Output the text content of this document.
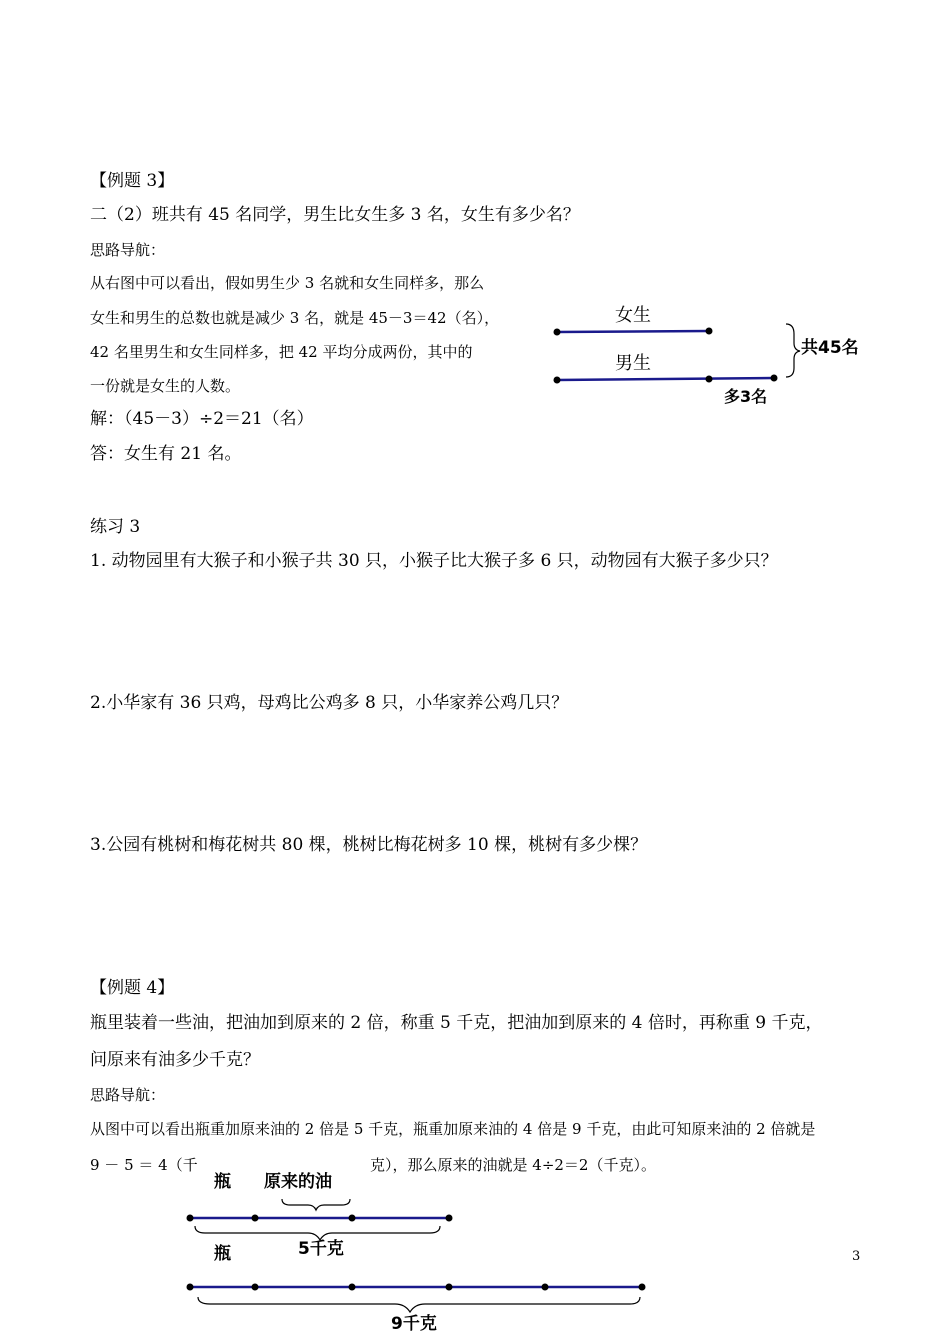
【例题 3】
二（2）班共有 45 名同学，男生比女生多 3 名，女生有多少名？
思路导航：
从右图中可以看出，假如男生少 3 名就和女生同样多，那么
女生和男生的总数也就是减少 3 名，就是 45－3＝42（名），
42 名里男生和女生同样多，把 42 平均分成两份，其中的
一份就是女生的人数。
解：（45－3）÷2＝21（名）
答：女生有 21 名。
女生
男生
共45名
多3名
练习 3
1. 动物园里有大猴子和小猴子共 30 只，小猴子比大猴子多 6 只，动物园有大猴子多少只？
2.小华家有 36 只鸡，母鸡比公鸡多 8 只，小华家养公鸡几只？
3.公园有桃树和梅花树共 80 棵，桃树比梅花树多 10 棵，桃树有多少棵？
【例题 4】
瓶里装着一些油，把油加到原来的 2 倍，称重 5 千克，把油加到原来的 4 倍时，再称重 9 千克，
问原来有油多少千克？
思路导航：
从图中可以看出瓶重加原来油的 2 倍是 5 千克，瓶重加原来油的 4 倍是 9 千克，由此可知原来油的 2 倍就是
9 － 5 ＝ 4（千	克），那么原来的油就是 4÷2＝2（千克）。
瓶 原来的油
5千克
瓶
9千克
3
